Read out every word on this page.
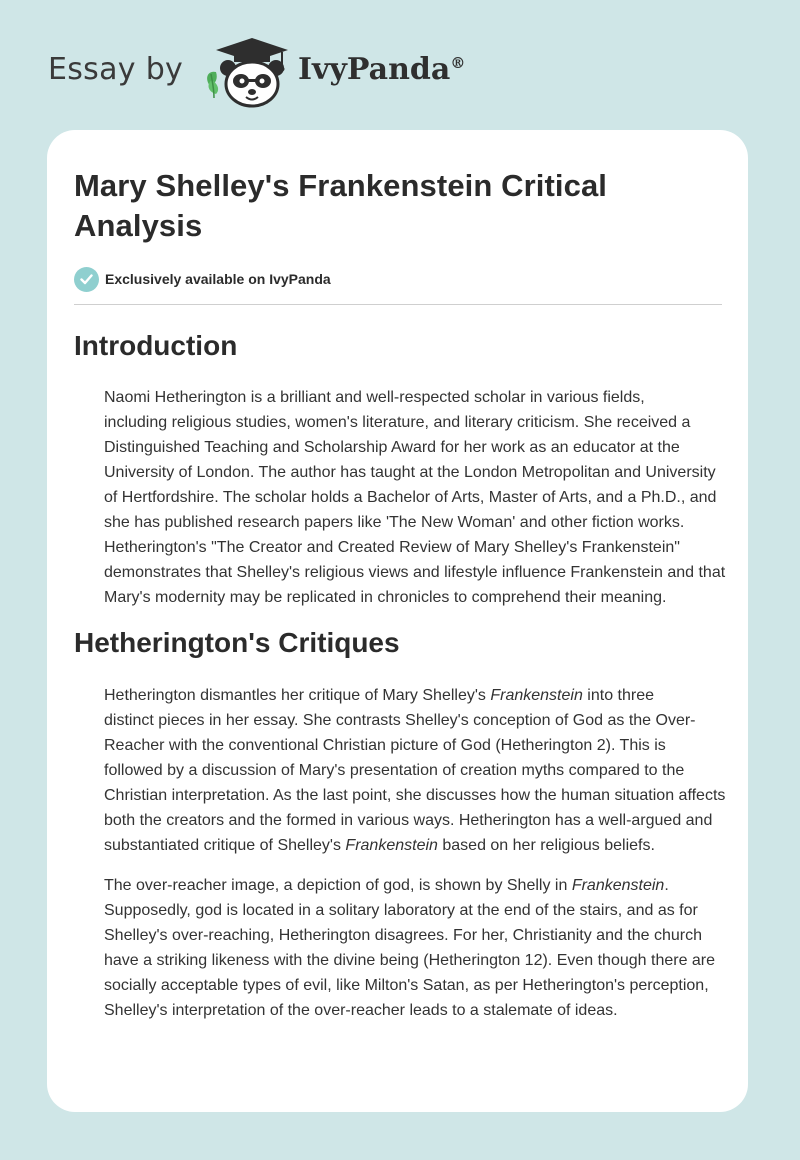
Essay by	IvyPanda®
Mary Shelley's Frankenstein Critical
Analysis
Exclusively available on IvyPanda
Introduction

Naomi Hetherington is a brilliant and well-respected scholar in various fields,
including religious studies, women's literature, and literary criticism. She received a
Distinguished Teaching and Scholarship Award for her work as an educator at the
University of London. The author has taught at the London Metropolitan and University
of Hertfordshire. The scholar holds a Bachelor of Arts, Master of Arts, and a Ph.D., and
she has published research papers like 'The New Woman' and other fiction works.
Hetherington's "The Creator and Created Review of Mary Shelley's Frankenstein"
demonstrates that Shelley's religious views and lifestyle influence Frankenstein and that
Mary's modernity may be replicated in chronicles to comprehend their meaning.

Hetherington's Critiques

Hetherington dismantles her critique of Mary Shelley's Frankenstein into three
distinct pieces in her essay. She contrasts Shelley's conception of God as the Over-
Reacher with the conventional Christian picture of God (Hetherington 2). This is
followed by a discussion of Mary's presentation of creation myths compared to the
Christian interpretation. As the last point, she discusses how the human situation affects
both the creators and the formed in various ways. Hetherington has a well-argued and
substantiated critique of Shelley's Frankenstein based on her religious beliefs.

The over-reacher image, a depiction of god, is shown by Shelly in Frankenstein.
Supposedly, god is located in a solitary laboratory at the end of the stairs, and as for
Shelley's over-reaching, Hetherington disagrees. For her, Christianity and the church
have a striking likeness with the divine being (Hetherington 12). Even though there are
socially acceptable types of evil, like Milton's Satan, as per Hetherington's perception,
Shelley's interpretation of the over-reacher leads to a stalemate of ideas.
